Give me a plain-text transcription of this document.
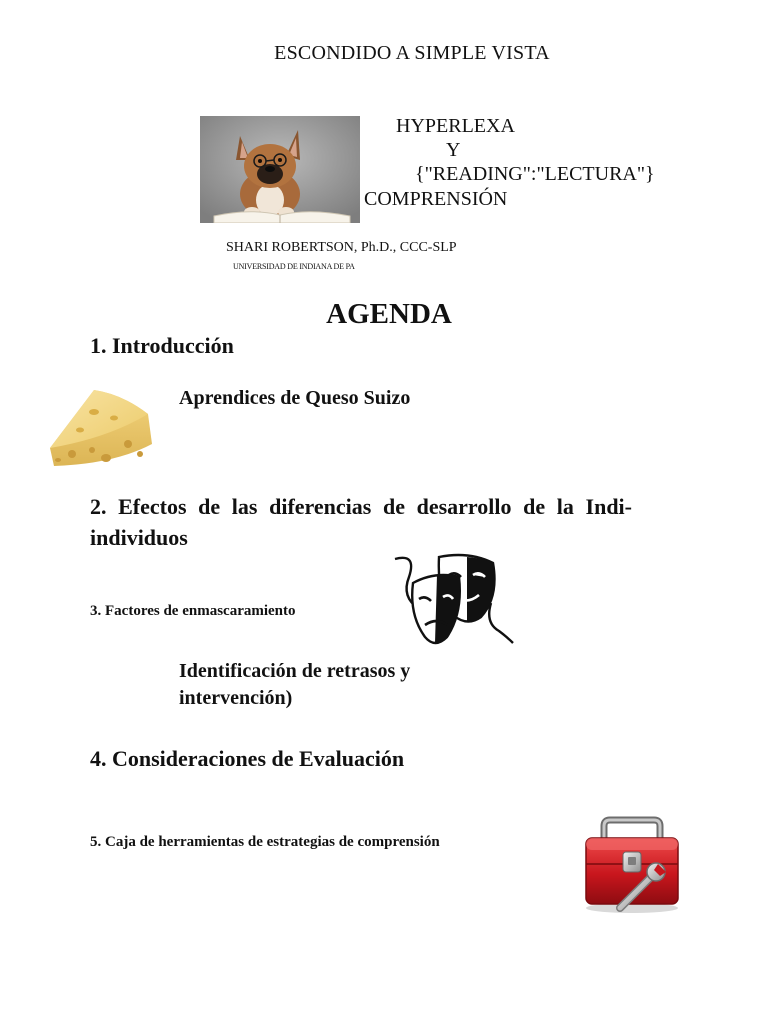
ESCONDIDO A SIMPLE VISTA
HYPERLEXA
Y
{"READING":"LECTURA"}
COMPRENSIÓN
SHARI ROBERTSON, Ph.D., CCC-SLP
UNIVERSIDAD DE INDIANA DE PA
AGENDA
1. Introducción
Aprendices de Queso Suizo
2. Efectos de las diferencias de desarrollo de la Indi- individuos
3. Factores de enmascaramiento
Identificación de retrasos y intervención)
4. Consideraciones de Evaluación
5. Caja de herramientas de estrategias de comprensión
